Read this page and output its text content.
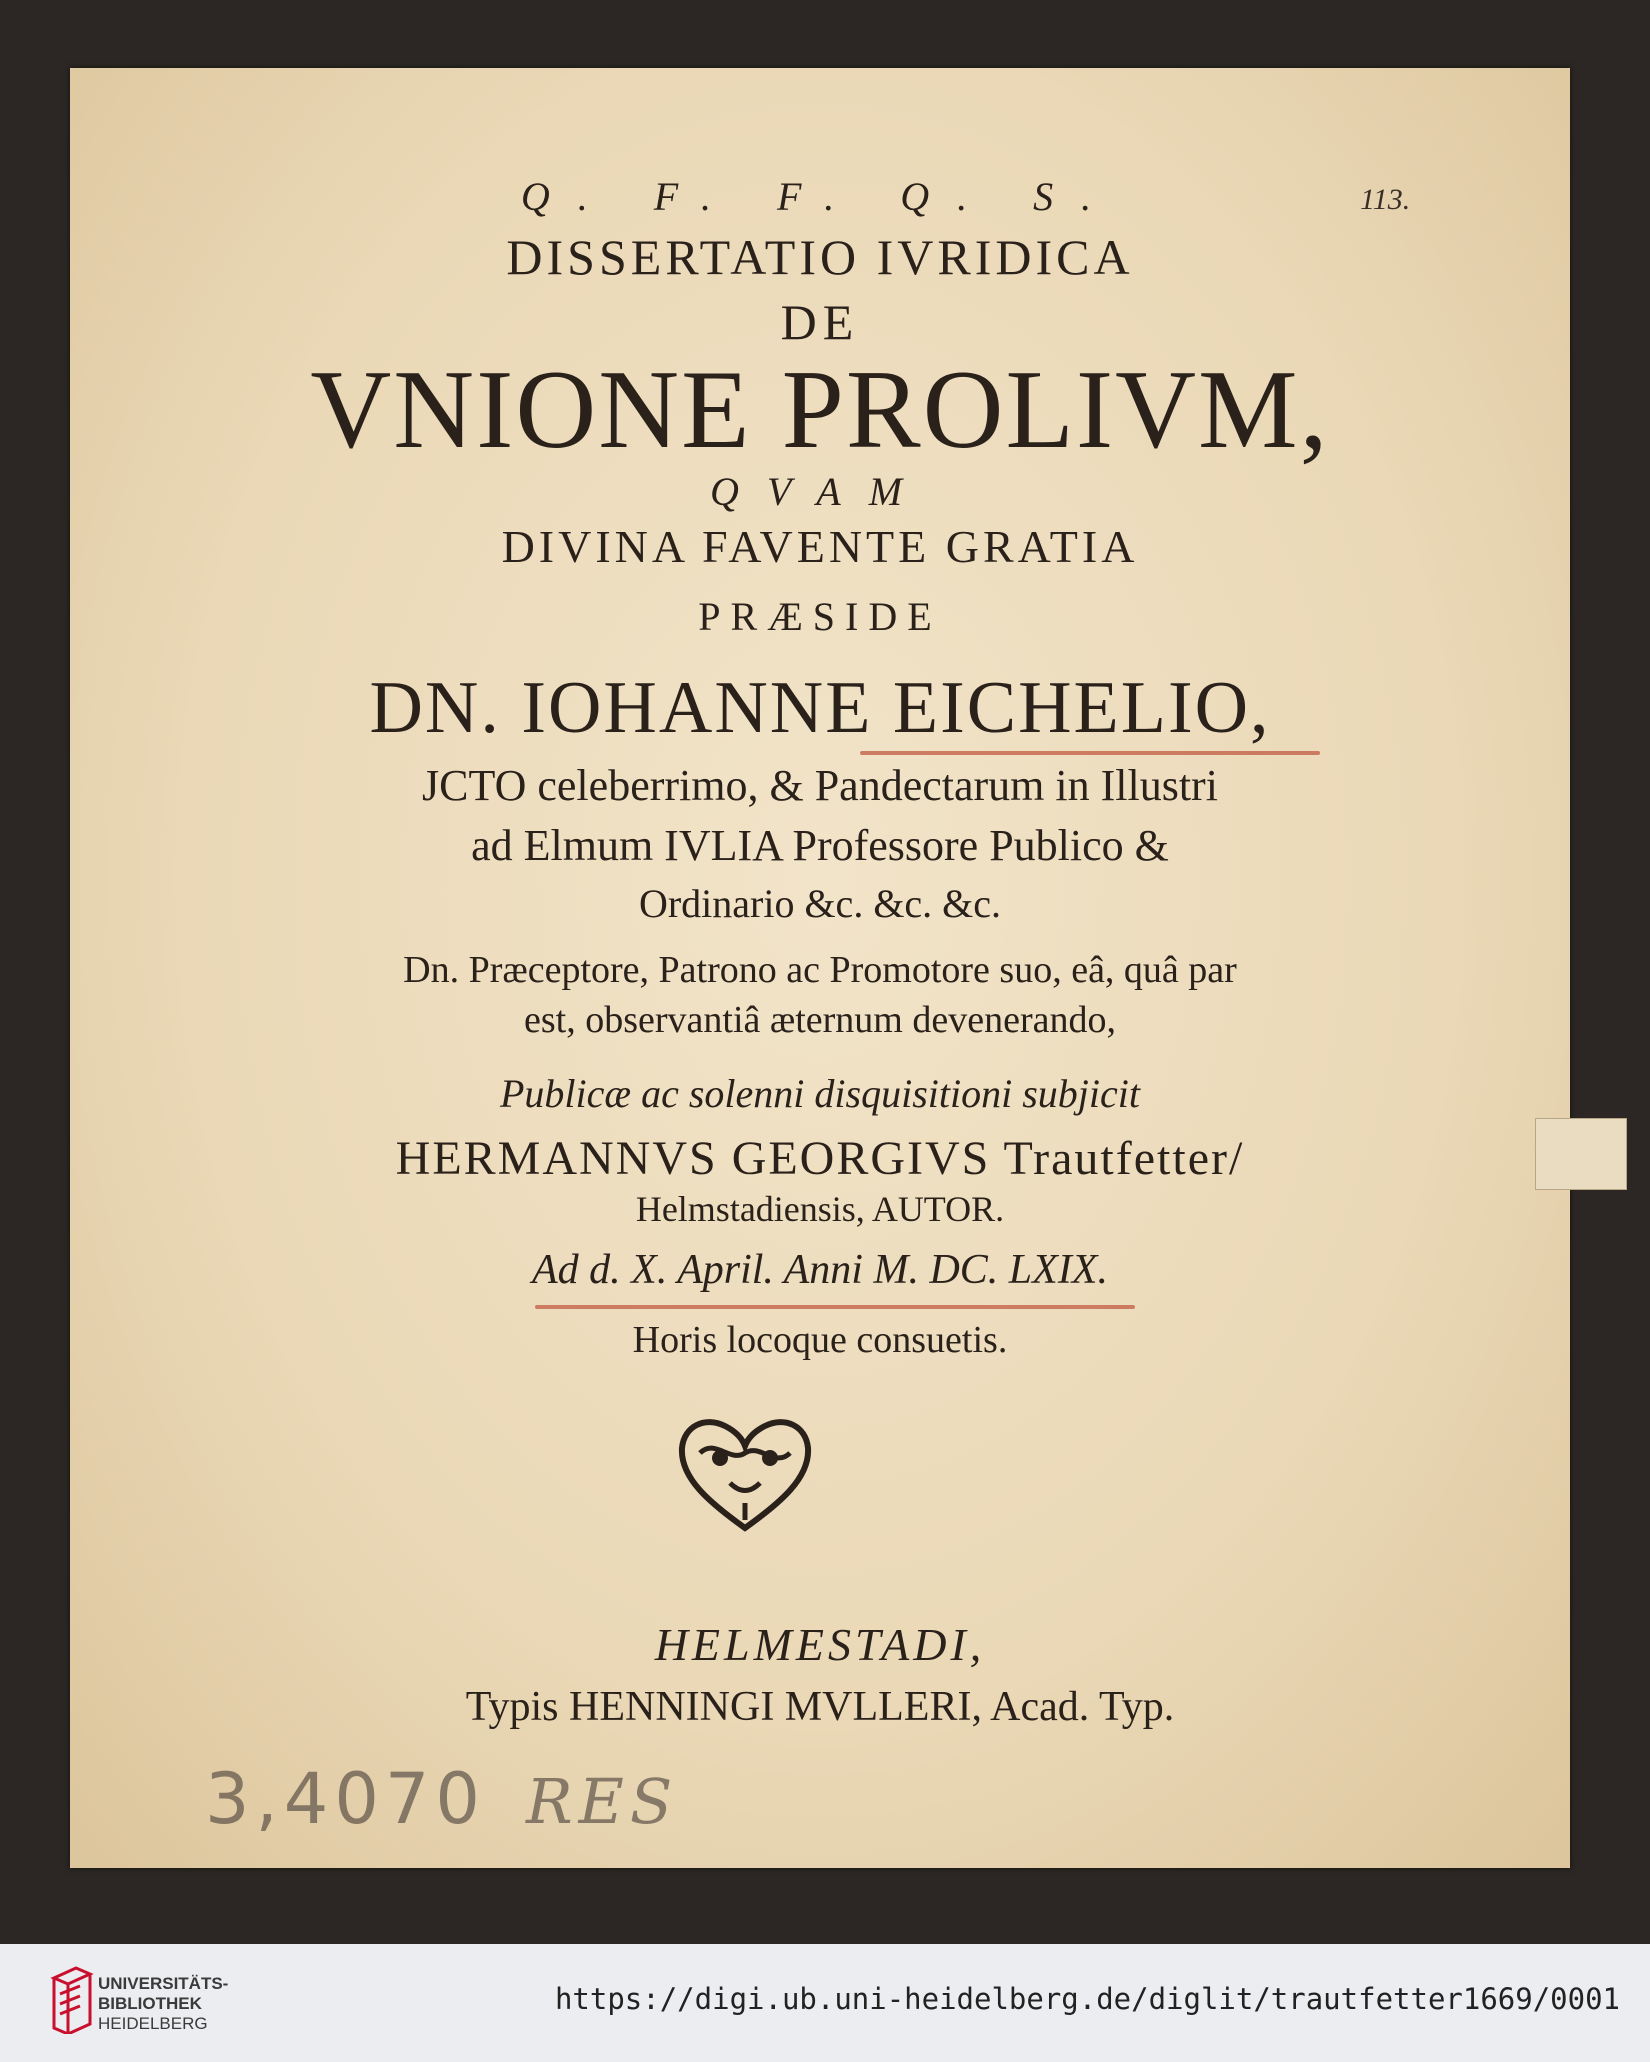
113.
Q. F. F. Q. S.
DISSERTATIO IVRIDICA
DE
VNIONE PROLIVM,
QVAM
DIVINA FAVENTE GRATIA
PRÆSIDE
DN. IOHANNE EICHELIO,
JCTO celeberrimo, & Pandectarum in Illustri
ad Elmum IVLIA Professore Publico &
Ordinario &c. &c. &c.
Dn. Præceptore, Patrono ac Promotore suo, eâ, quâ par
est, observantiâ æternum devenerando,
Publicæ ac solenni disquisitioni subjicit
HERMANNVS GEORGIVS Trautfetter/
Helmstadiensis, AUTOR.
Ad d. X. April. Anni M. DC. LXIX.
Horis locoque consuetis.
HELMESTADI,
Typis HENNINGI MVLLERI, Acad. Typ.
3,4070 RES
UNIVERSITÄTS-
BIBLIOTHEK
HEIDELBERG
https://digi.ub.uni-heidelberg.de/diglit/trautfetter1669/0001
